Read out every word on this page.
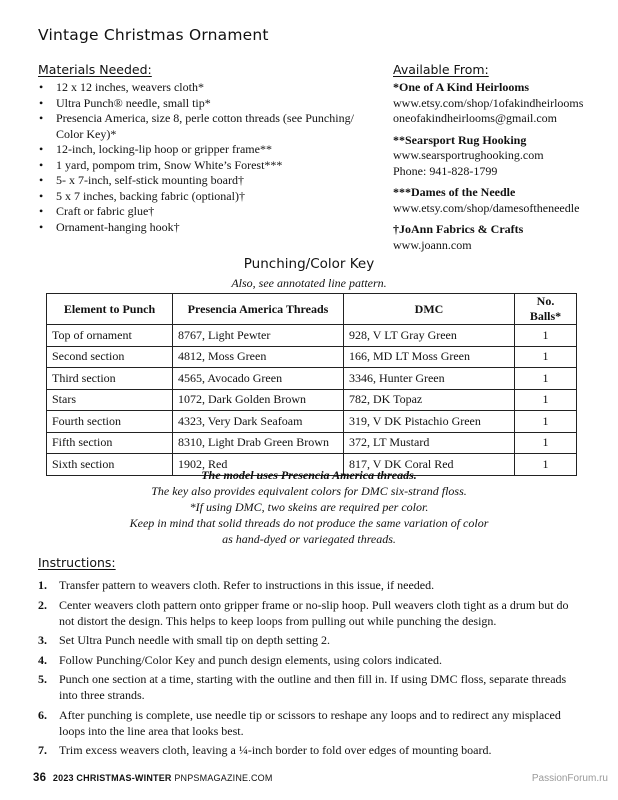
Vintage Christmas Ornament
Materials Needed:
• 12 x 12 inches, weavers cloth*
• Ultra Punch® needle, small tip*
• Presencia America, size 8, perle cotton threads (see Punching/ Color Key)*
• 12-inch, locking-lip hoop or gripper frame**
• 1 yard, pompom trim, Snow White’s Forest***
• 5- x 7-inch, self-stick mounting board†
• 5 x 7 inches, backing fabric (optional)†
• Craft or fabric glue†
• Ornament-hanging hook†
Available From:
*One of A Kind Heirlooms
www.etsy.com/shop/1ofakindheirlooms
oneofakindheirlooms@gmail.com
**Searsport Rug Hooking
www.searsportrughooking.com
Phone: 941-828-1799
***Dames of the Needle
www.etsy.com/shop/damesoftheneedle
†JoAnn Fabrics & Crafts
www.joann.com
Punching/Color Key
Also, see annotated line pattern.
Element to Punch	Presencia America Threads	DMC	No. Balls*
Top of ornament	8767, Light Pewter	928, V LT Gray Green	1
Second section	4812, Moss Green	166, MD LT Moss Green	1
Third section	4565, Avocado Green	3346, Hunter Green	1
Stars	1072, Dark Golden Brown	782, DK Topaz	1
Fourth section	4323, Very Dark Seafoam	319, V DK Pistachio Green	1
Fifth section	8310, Light Drab Green Brown	372, LT Mustard	1
Sixth section	1902, Red	817, V DK Coral Red	1
The model uses Presencia America threads.
The key also provides equivalent colors for DMC six-strand floss.
*If using DMC, two skeins are required per color.
Keep in mind that solid threads do not produce the same variation of color
as hand-dyed or variegated threads.
Instructions:
1. Transfer pattern to weavers cloth. Refer to instructions in this issue, if needed.
2. Center weavers cloth pattern onto gripper frame or no-slip hoop. Pull weavers cloth tight as a drum but do not distort the design. This helps to keep loops from pulling out while punching the design.
3. Set Ultra Punch needle with small tip on depth setting 2.
4. Follow Punching/Color Key and punch design elements, using colors indicated.
5. Punch one section at a time, starting with the outline and then fill in. If using DMC floss, separate threads into three strands.
6. After punching is complete, use needle tip or scissors to reshape any loops and to redirect any misplaced loops into the line area that looks best.
7. Trim excess weavers cloth, leaving a ¼-inch border to fold over edges of mounting board.
36 2023 CHRISTMAS-WINTER PNPSMAGAZINE.COM	PassionForum.ru
